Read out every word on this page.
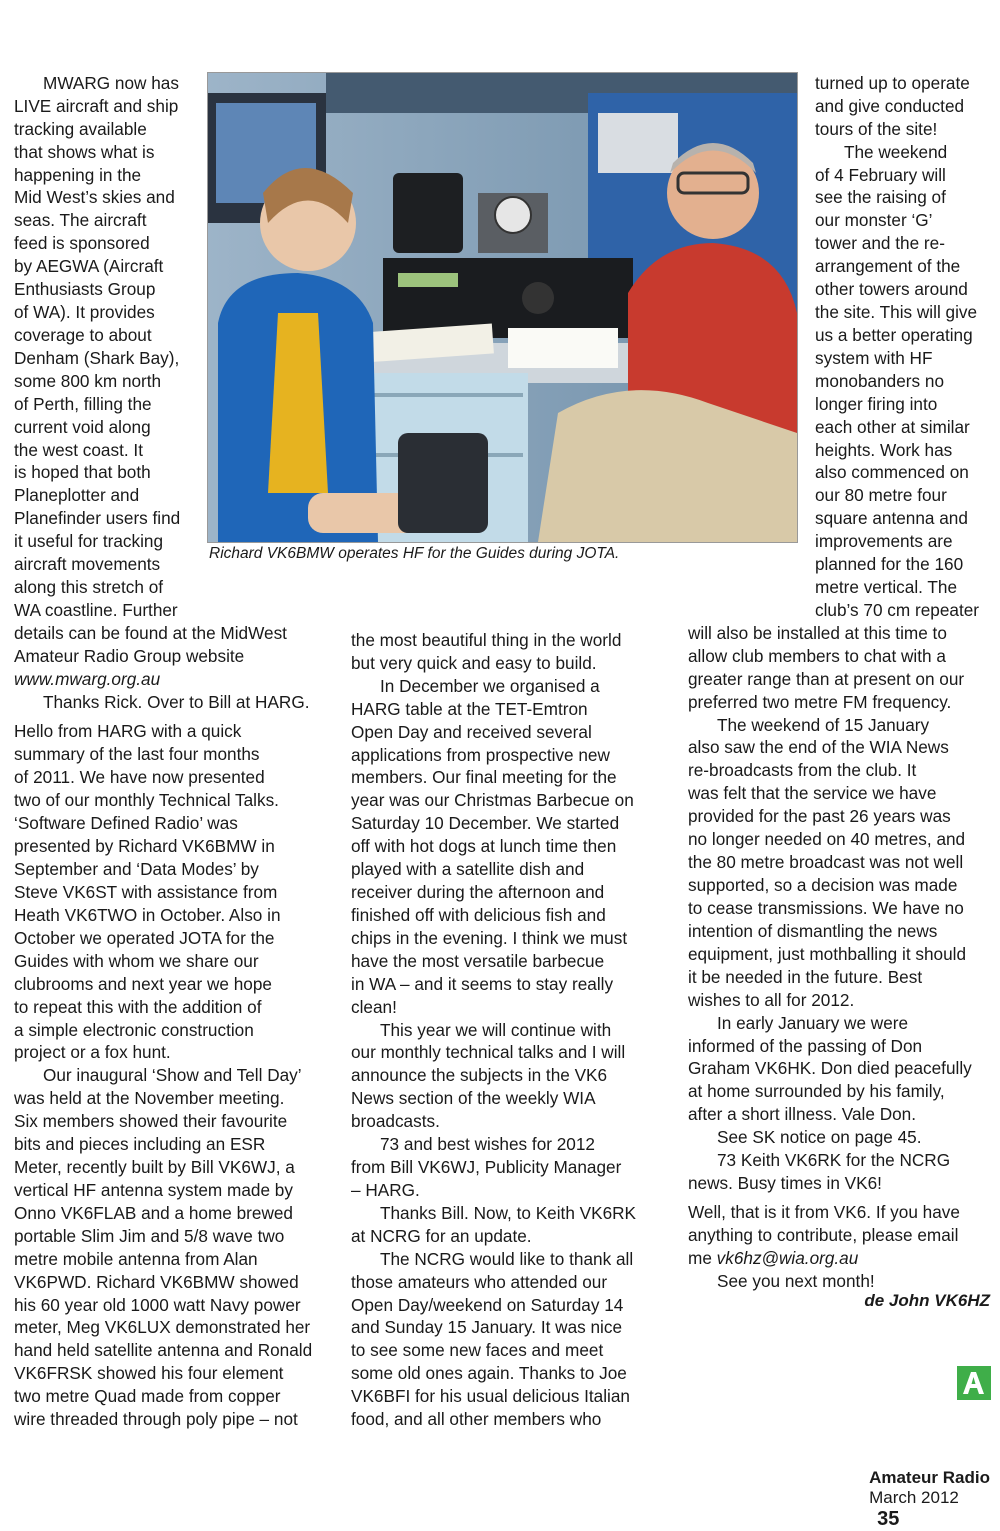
Richard VK6BMW operates HF for the Guides during JOTA.
MWARG now has
LIVE aircraft and ship
tracking available
that shows what is
happening in the
Mid West’s skies and
seas. The aircraft
feed is sponsored
by AEGWA (Aircraft
Enthusiasts Group
of WA). It provides
coverage to about
Denham (Shark Bay),
some 800 km north
of Perth, filling the
current void along
the west coast. It
is hoped that both
Planeplotter and
Planefinder users find
it useful for tracking
aircraft movements
along this stretch of
WA coastline. Further
details can be found at the MidWest
Amateur Radio Group website
www.mwarg.org.au
Thanks Rick. Over to Bill at HARG.
Hello from HARG with a quick
summary of the last four months
of 2011. We have now presented
two of our monthly Technical Talks.
‘Software Defined Radio’ was
presented by Richard VK6BMW in
September and ‘Data Modes’ by
Steve VK6ST with assistance from
Heath VK6TWO in October. Also in
October we operated JOTA for the
Guides with whom we share our
clubrooms and next year we hope
to repeat this with the addition of
a simple electronic construction
project or a fox hunt.
Our inaugural ‘Show and Tell Day’
was held at the November meeting.
Six members showed their favourite
bits and pieces including an ESR
Meter, recently built by Bill VK6WJ, a
vertical HF antenna system made by
Onno VK6FLAB and a home brewed
portable Slim Jim and 5/8 wave two
metre mobile antenna from Alan
VK6PWD. Richard VK6BMW showed
his 60 year old 1000 watt Navy power
meter, Meg VK6LUX demonstrated her
hand held satellite antenna and Ronald
VK6FRSK showed his four element
two metre Quad made from copper
wire threaded through poly pipe – not
the most beautiful thing in the world
but very quick and easy to build.
In December we organised a
HARG table at the TET-Emtron
Open Day and received several
applications from prospective new
members. Our final meeting for the
year was our Christmas Barbecue on
Saturday 10 December. We started
off with hot dogs at lunch time then
played with a satellite dish and
receiver during the afternoon and
finished off with delicious fish and
chips in the evening. I think we must
have the most versatile barbecue
in WA – and it seems to stay really
clean!
This year we will continue with
our monthly technical talks and I will
announce the subjects in the VK6
News section of the weekly WIA
broadcasts.
73 and best wishes for 2012
from Bill VK6WJ, Publicity Manager
– HARG.
Thanks Bill. Now, to Keith VK6RK
at NCRG for an update.
The NCRG would like to thank all
those amateurs who attended our
Open Day/weekend on Saturday 14
and Sunday 15 January. It was nice
to see some new faces and meet
some old ones again. Thanks to Joe
VK6BFI for his usual delicious Italian
food, and all other members who
turned up to operate
and give conducted
tours of the site!
The weekend
of 4 February will
see the raising of
our monster ‘G’
tower and the re-
arrangement of the
other towers around
the site. This will give
us a better operating
system with HF
monobanders no
longer firing into
each other at similar
heights. Work has
also commenced on
our 80 metre four
square antenna and
improvements are
planned for the 160
metre vertical. The
club’s 70 cm repeater
will also be installed at this time to
allow club members to chat with a
greater range than at present on our
preferred two metre FM frequency.
The weekend of 15 January
also saw the end of the WIA News
re-broadcasts from the club. It
was felt that the service we have
provided for the past 26 years was
no longer needed on 40 metres, and
the 80 metre broadcast was not well
supported, so a decision was made
to cease transmissions. We have no
intention of dismantling the news
equipment, just mothballing it should
it be needed in the future. Best
wishes to all for 2012.
In early January we were
informed of the passing of Don
Graham VK6HK. Don died peacefully
at home surrounded by his family,
after a short illness. Vale Don.
See SK notice on page 45.
73 Keith VK6RK for the NCRG
news. Busy times in VK6!
Well, that is it from VK6. If you have
anything to contribute, please email
me vk6hz@wia.org.au
See you next month!
de John VK6HZ

Amateur Radio
March 2012
35
